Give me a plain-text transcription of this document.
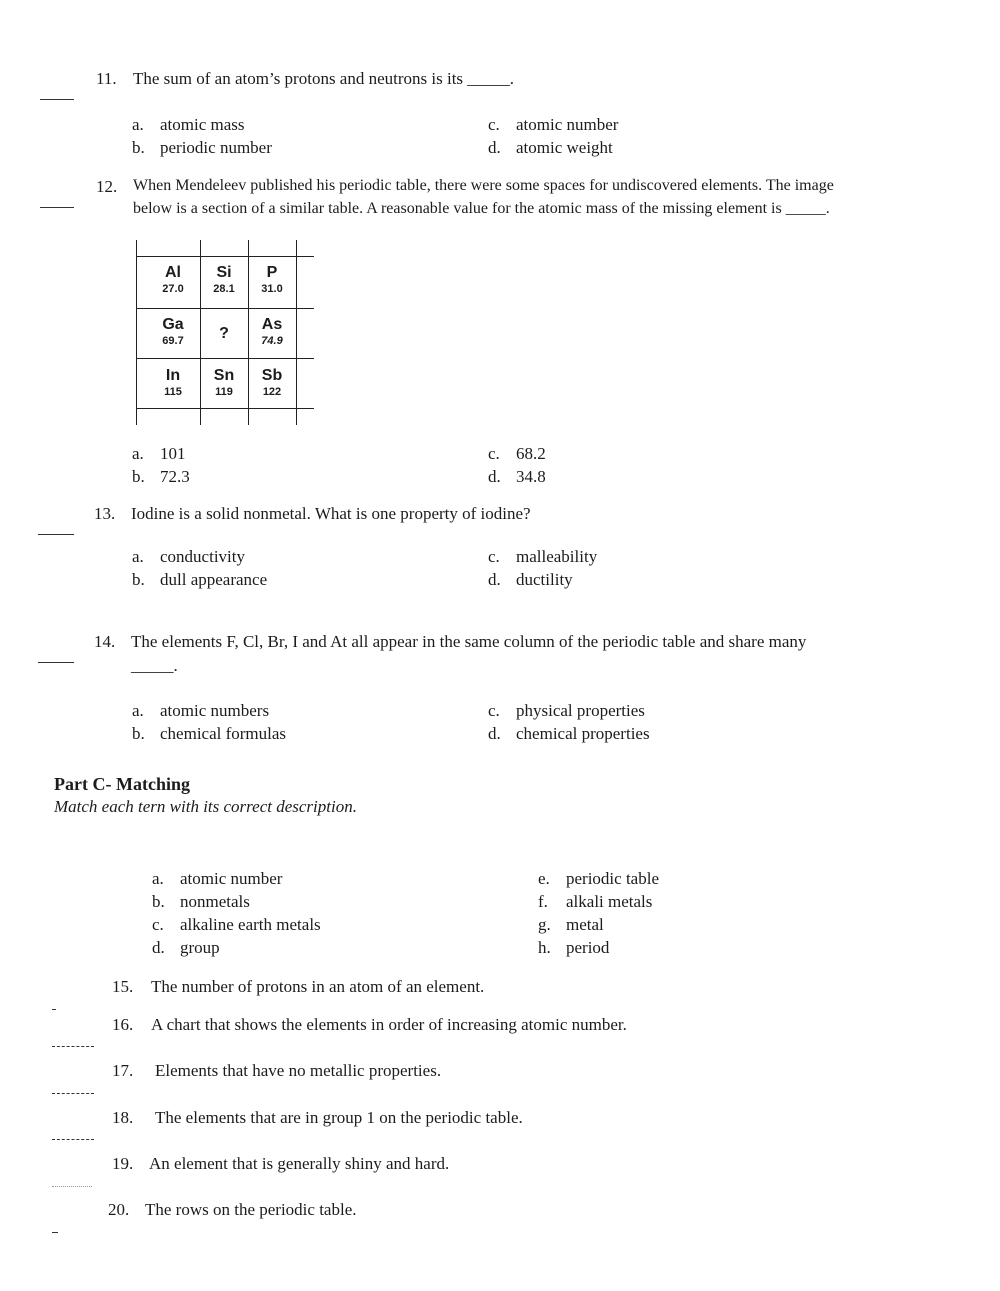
11. The sum of an atom’s protons and neutrons is its _____.
a. atomic mass
b. periodic number
c. atomic number
d. atomic weight
12. When Mendeleev published his periodic table, there were some spaces for undiscovered elements. The image
below is a section of a similar table. A reasonable value for the atomic mass of the missing element is _____.
Al
27.0
Si
28.1
P
31.0
Ga
69.7	?
As
74.9
In
115
Sn
119
Sb
122
a. 101
b. 72.3
c. 68.2
d. 34.8
13. Iodine is a solid nonmetal. What is one property of iodine?
a. conductivity
b. dull appearance
c. malleability
d. ductility
14. The elements F, Cl, Br, I and At all appear in the same column of the periodic table and share many
_____.
a. atomic numbers
b. chemical formulas
c. physical properties
d. chemical properties
Part C- Matching
Match each tern with its correct description.
a. atomic number
b. nonmetals
c. alkaline earth metals
d. group
e. periodic table
f. alkali metals
g. metal
h. period
15. The number of protons in an atom of an element.
16. A chart that shows the elements in order of increasing atomic number.
17. Elements that have no metallic properties.
18. The elements that are in group 1 on the periodic table.
19. An element that is generally shiny and hard.
20. The rows on the periodic table.
